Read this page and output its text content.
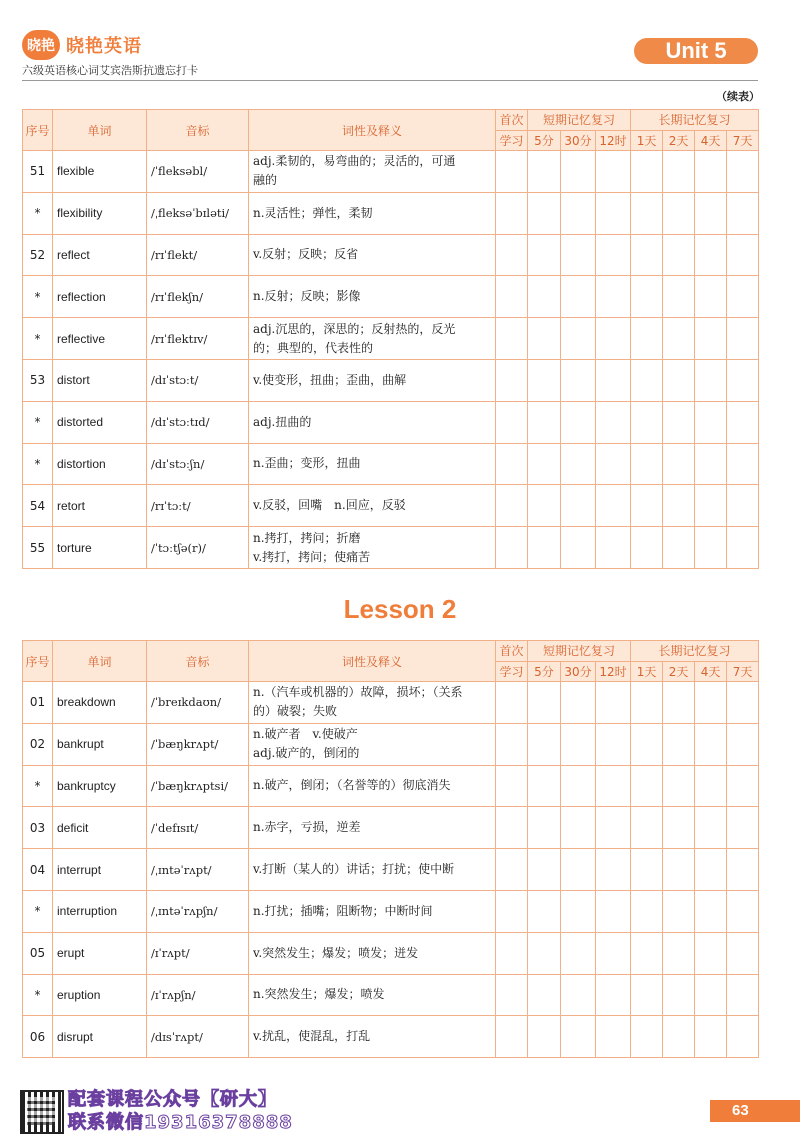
晓艳 晓艳英语
六级英语核心词艾宾浩斯抗遗忘打卡
Unit 5
（续表）
序号	单词	音标	词性及释义	首次	短期记忆复习			长期记忆复习			
				学习	5分	30分	12时	1天	2天	4天	7天
51	flexible	/ˈfleksəbl/	adj.柔韧的，易弯曲的；灵活的，可通
融的								

*	flexibility	/ˌfleksəˈbɪləti/	n.灵活性；弹性，柔韧								

52	reflect	/rɪˈflekt/	v.反射；反映；反省								

*	reflection	/rɪˈflekʃn/	n.反射；反映；影像								

*	reflective	/rɪˈflektɪv/	adj.沉思的，深思的；反射热的，反光
的；典型的，代表性的								

53	distort	/dɪˈstɔːt/	v.使变形，扭曲；歪曲，曲解								

*	distorted	/dɪˈstɔːtɪd/	adj.扭曲的								

*	distortion	/dɪˈstɔːʃn/	n.歪曲；变形，扭曲								

54	retort	/rɪˈtɔːt/	v.反驳，回嘴　n.回应，反驳								

55	torture	/ˈtɔːtʃə(r)/	n.拷打，拷问；折磨
v.拷打，拷问；使痛苦								

Lesson 2
序号	单词	音标	词性及释义	首次	短期记忆复习			长期记忆复习			
				学习	5分	30分	12时	1天	2天	4天	7天
01	breakdown	/ˈbreɪkdaʊn/	n.（汽车或机器的）故障，损坏；（关系
的）破裂；失败								

02	bankrupt	/ˈbæŋkrʌpt/	n.破产者　v.使破产
adj.破产的，倒闭的								

*	bankruptcy	/ˈbæŋkrʌptsi/	n.破产，倒闭；（名誉等的）彻底消失								

03	deficit	/ˈdefɪsɪt/	n.赤字，亏损，逆差								

04	interrupt	/ˌɪntəˈrʌpt/	v.打断（某人的）讲话；打扰；使中断								

*	interruption	/ˌɪntəˈrʌpʃn/	n.打扰；插嘴；阻断物；中断时间								

05	erupt	/ɪˈrʌpt/	v.突然发生；爆发；喷发；迸发								

*	eruption	/ɪˈrʌpʃn/	n.突然发生；爆发；喷发								

06	disrupt	/dɪsˈrʌpt/	v.扰乱，使混乱，打乱								

配套课程公众号【研大】
联系微信19316378888
63
